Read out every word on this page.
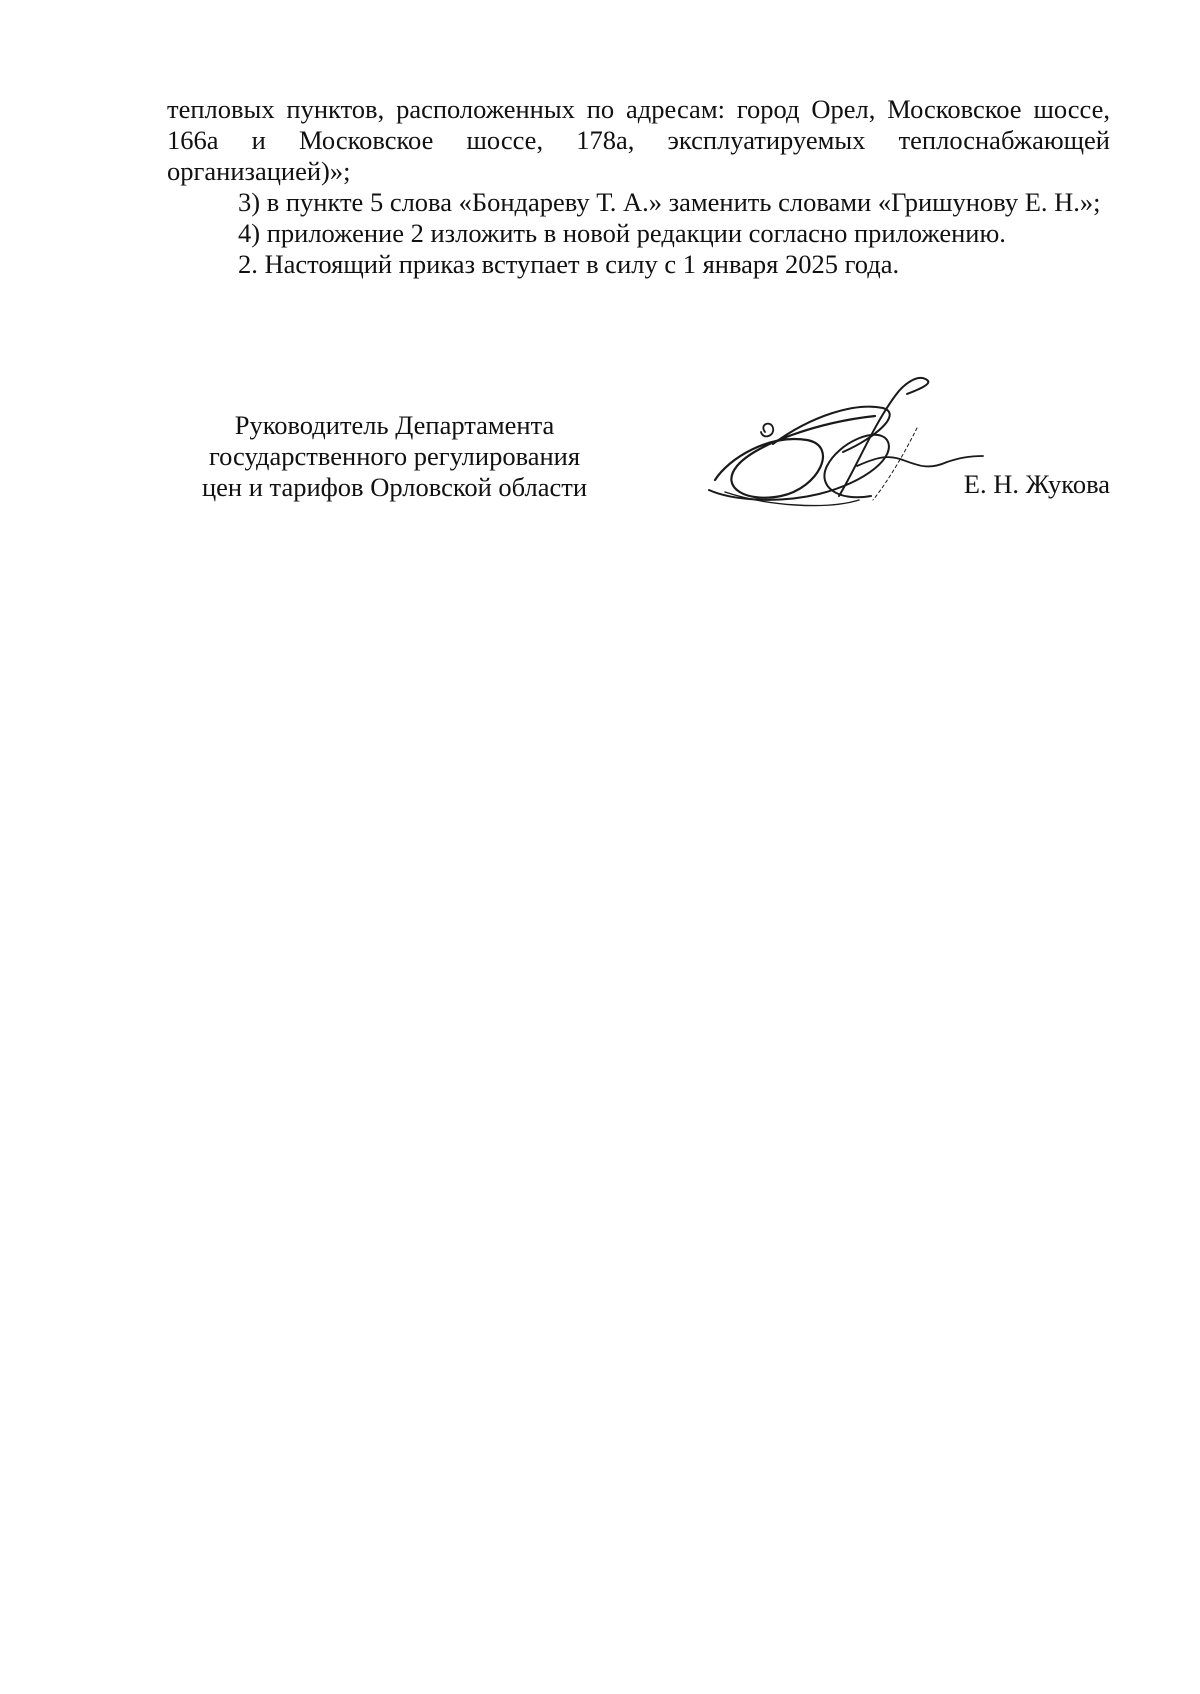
тепловых пунктов, расположенных по адресам: город Орел, Московское шоссе, 166а и Московское шоссе, 178а, эксплуатируемых теплоснабжающей организацией)»;

3) в пункте 5 слова «Бондареву Т. А.» заменить словами «Гришунову Е. Н.»;

4) приложение 2 изложить в новой редакции согласно приложению.

2. Настоящий приказ вступает в силу с 1 января 2025 года.

Руководитель Департамента
государственного регулирования
цен и тарифов Орловской области	Е. Н. Жукова
